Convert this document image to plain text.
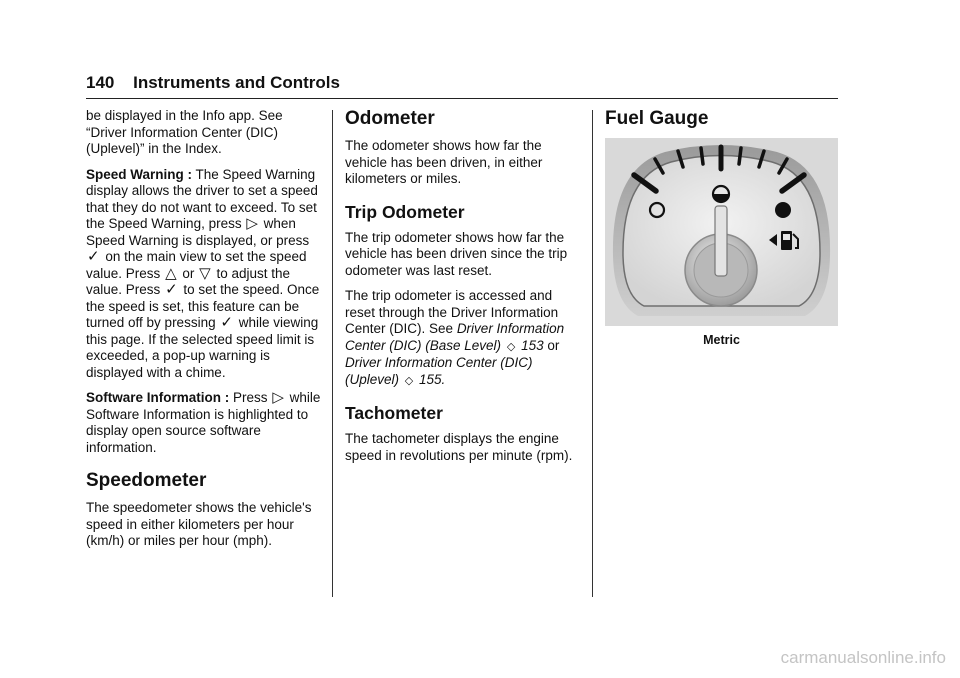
140 Instruments and Controls

be displayed in the Info app. See “Driver Information Center (DIC) (Uplevel)” in the Index.

Speed Warning : The Speed Warning display allows the driver to set a speed that they do not want to exceed. To set the Speed Warning, press ▷ when Speed Warning is displayed, or press ✓ on the main view to set the speed value. Press △ or ▽ to adjust the value. Press ✓ to set the speed. Once the speed is set, this feature can be turned off by pressing ✓ while viewing this page. If the selected speed limit is exceeded, a pop-up warning is displayed with a chime.

Software Information : Press ▷ while Software Information is highlighted to display open source software information.

Speedometer

The speedometer shows the vehicle's speed in either kilometers per hour (km/h) or miles per hour (mph).

Odometer

The odometer shows how far the vehicle has been driven, in either kilometers or miles.

Trip Odometer

The trip odometer shows how far the vehicle has been driven since the trip odometer was last reset.

The trip odometer is accessed and reset through the Driver Information Center (DIC). See Driver Information Center (DIC) (Base Level) ◇ 153 or Driver Information Center (DIC) (Uplevel) ◇ 155.

Tachometer

The tachometer displays the engine speed in revolutions per minute (rpm).

Fuel Gauge
Metric
carmanualsonline.info
